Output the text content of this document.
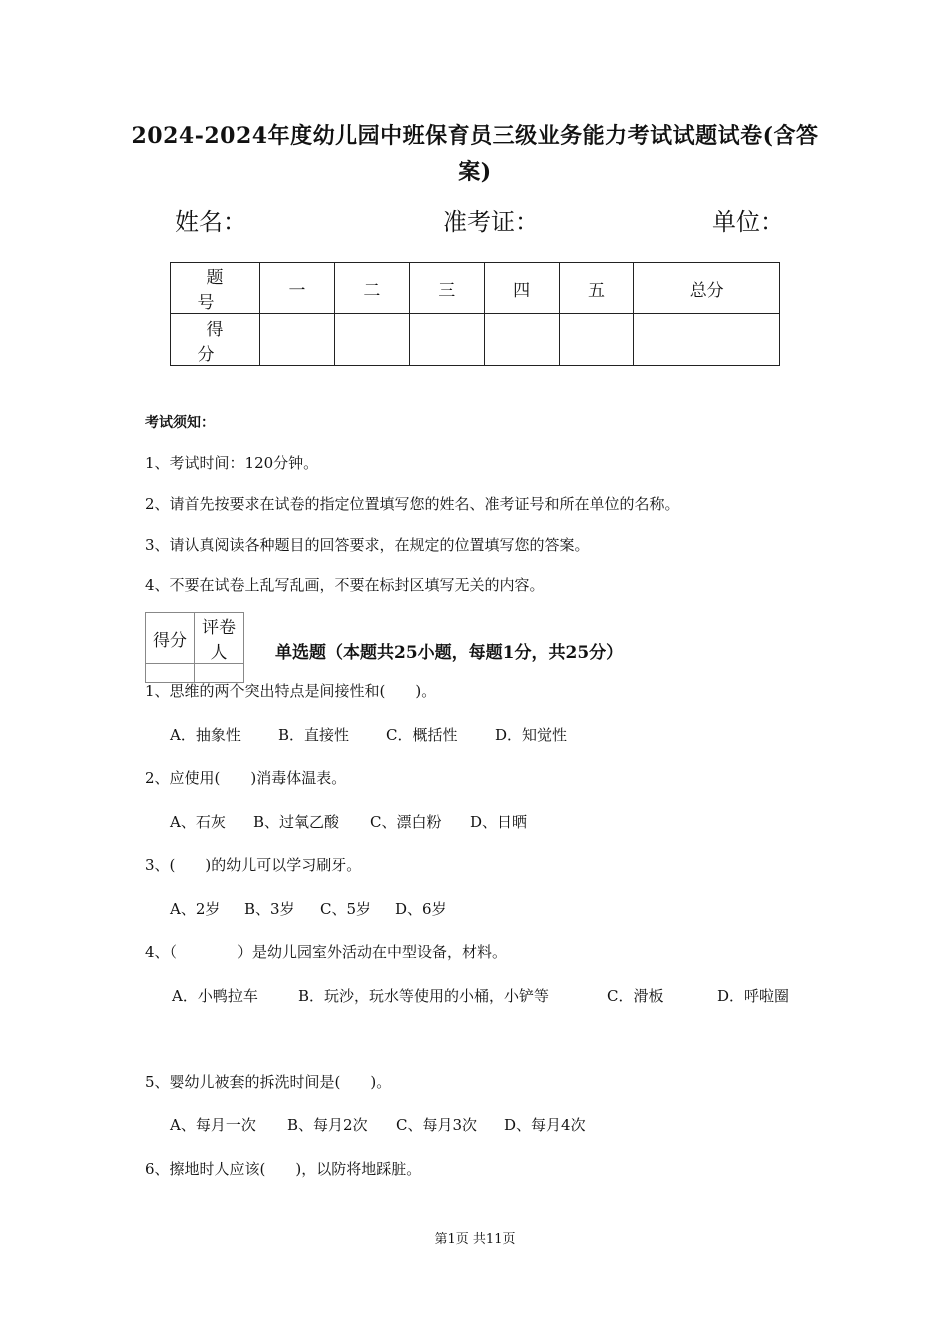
2024-2024年度幼儿园中班保育员三级业务能力考试试题试卷(含答
案)
姓名：	准考证：	单位：
题　号	一	二	三	四	五	总分
得　分						
考试须知：
1、考试时间：120分钟。
2、请首先按要求在试卷的指定位置填写您的姓名、准考证号和所在单位的名称。
3、请认真阅读各种题目的回答要求，在规定的位置填写您的答案。
4、不要在试卷上乱写乱画，不要在标封区填写无关的内容。
得分	评卷人
		单选题（本题共25小题，每题1分，共25分）
1、思维的两个突出特点是间接性和(　　)。
A．抽象性 B．直接性 C．概括性	D．知觉性
2、应使用(　　)消毒体温表。
A、石灰 B、过氧乙酸 C、漂白粉 D、日晒
3、(　　)的幼儿可以学习刷牙。
A、2岁 B、3岁 C、5岁 D、6岁
4、（　　　　）是幼儿园室外活动在中型设备，材料。
A．小鸭拉车	B．玩沙，玩水等使用的小桶，小铲等	C．滑板	D．呼啦圈
5、婴幼儿被套的拆洗时间是(　　)。
A、每月一次 B、每月2次 C、每月3次 D、每月4次
6、擦地时人应该(　　)，以防将地踩脏。
第1页 共11页
